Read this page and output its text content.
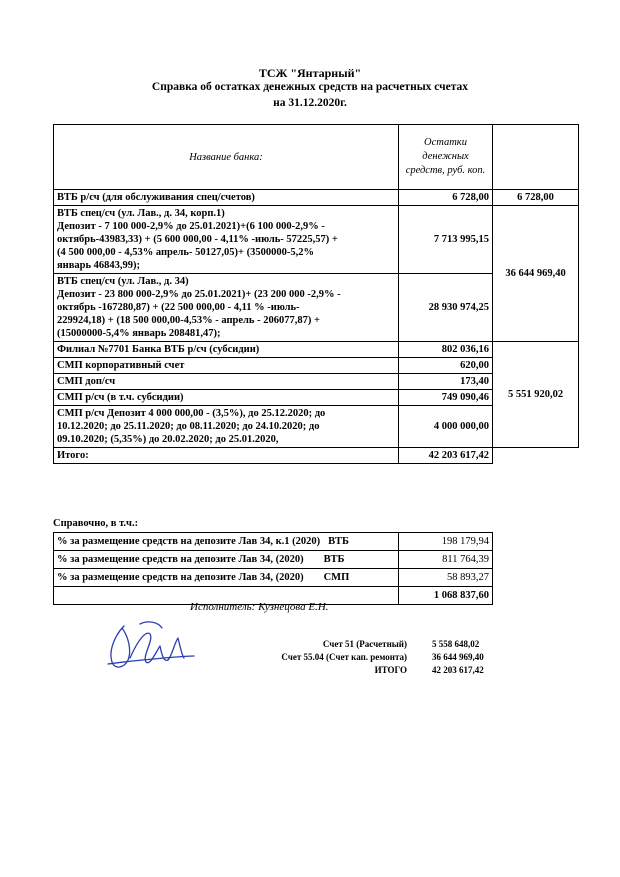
ТСЖ "Янтарный"
Справка об остатках денежных средств на расчетных счетах
на 31.12.2020г.
Название банка:	Остатки денежных средств, руб. коп.	

ВТБ р/сч (для обслуживания спец/счетов)	6 728,00	6 728,00

ВТБ спец/сч (ул. Лав., д. 34, корп.1)
Депозит - 7 100 000-2,9% до 25.01.2021)+(6 100 000-2,9% -
октябрь-43983,33) + (5 600 000,00 - 4,11% -июль- 57225,57) +
(4 500 000,00 - 4,53% апрель- 50127,05)+ (3500000-5,2%
январь 46843,99);	7 713 995,15	36 644 969,40

ВТБ спец/сч (ул. Лав., д. 34)
Депозит - 23 800 000-2,9% до 25.01.2021)+ (23 200 000 -2,9% -
октябрь -167280,87) + (22 500 000,00 - 4,11 % -июль-
229924,18) + (18 500 000,00-4,53% - апрель - 206077,87) +
(15000000-5,4% январь 208481,47);	28 930 974,25	

Филиал №7701 Банка ВТБ р/сч (субсидии)	802 036,16	5 551 920,02

СМП корпоративный счет	620,00	

СМП доп/сч	173,40	

СМП р/сч (в т.ч. субсидии)	749 090,46	

СМП р/сч Депозит 4 000 000,00 - (3,5%), до 25.12.2020; до
10.12.2020; до 25.11.2020; до 08.11.2020; до 24.10.2020; до
09.10.2020; (5,35%) до 20.02.2020; до 25.01.2020,	4 000 000,00	
Итого:	42 203 617,42	
Справочно, в т.ч.:
% за размещение средств на депозите Лав 34, к.1 (2020) ВТБ	198 179,94
% за размещение средств на депозите Лав 34, (2020) ВТБ	811 764,39
% за размещение средств на депозите Лав 34, (2020) СМП	58 893,27
	1 068 837,60
Исполнитель: Кузнецова Е.Н.
Счет 51 (Расчетный)	5 558 648,02
Счет 55.04 (Счет кап. ремонта)	36 644 969,40
ИТОГО	42 203 617,42
